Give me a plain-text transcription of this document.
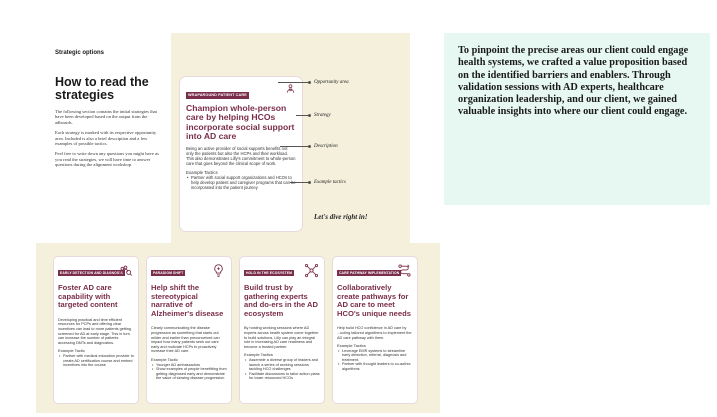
Strategic options
How to read the strategies

The following section contains the initial strategies that have been developed based on the output from the adboards.

Each strategy is marked with its respective opportunity area. Included is also a brief description and a few examples of possible tactics.

Feel free to write down any questions you might have as you read the strategies, we will have time to answer questions during the alignment workshop.

WRAPAROUND PATIENT CARE
Champion whole-person care by helping HCOs incorporate social support into AD care

Being an active provider of social supports benefits not only the patients but also the HCPs and their workload. This also demonstrates Lilly's commitment to whole-person care that goes beyond the clinical scope of work.

Example Tactics
• Partner with social support organizations and HCOs to help develop patient and caregiver programs that can be incorporated into the patient journey
Opportunity area
Strategy
Description
Example tactics
Let's dive right in!

To pinpoint the precise areas our client could engage health systems, we crafted a value proposition based on the identified barriers and enablers. Through validation sessions with AD experts, healthcare organization leadership, and our client, we gained valuable insights into where our client could engage.

EARLY DETECTION AND DIAGNOSIS
Foster AD care capability with targeted content

Developing practical and time efficient resources for PCPs and offering clear incentives can lead to more patients getting screened for AD at early stage. This in turn can increase the number of patients accessing DMTs and diagnostics.

Example Tactic
• Partner with medical education provider to create AD certification course and embed incentives into the course
PARADIGM SHIFT
Help shift the stereotypical narrative of Alzheimer's disease

Clearly communicating the disease progression as something that starts out milder and earlier than preconceived can impact how many patients seek out care early and motivate HCPs to proactively increase their AD care.

Example Tactic
• Younger AD ambassadors
• Show examples of people benefitting from getting diagnosed early and demonstrate the value of slowing disease progression
HOLD IN THE ECOSYSTEM
Build trust by gathering experts and do-ers in the AD ecosystem

By hosting working sessions where AD experts across health system come together to build solutions, Lilly can play an integral role in increasing AD care readiness and become a trusted partner.

Example Tactics
• Assemble a diverse group of leaders and launch a series of working sessions tackling HCO challenges
• Facilitate discussions to tailor action plans for lower resourced HCOs
CARE PATHWAY IMPLEMENTATION
Collaboratively create pathways for AD care to meet HCO's unique needs

Help build HCO confidence in AD care by ...ucting tailored algorithms to implement the AD care pathway with them.

Example Tactics
• Leverage EMR systems to streamline early detection, referral, diagnosis and treatment.
• Partner with thought leaders to co-author algorithms
